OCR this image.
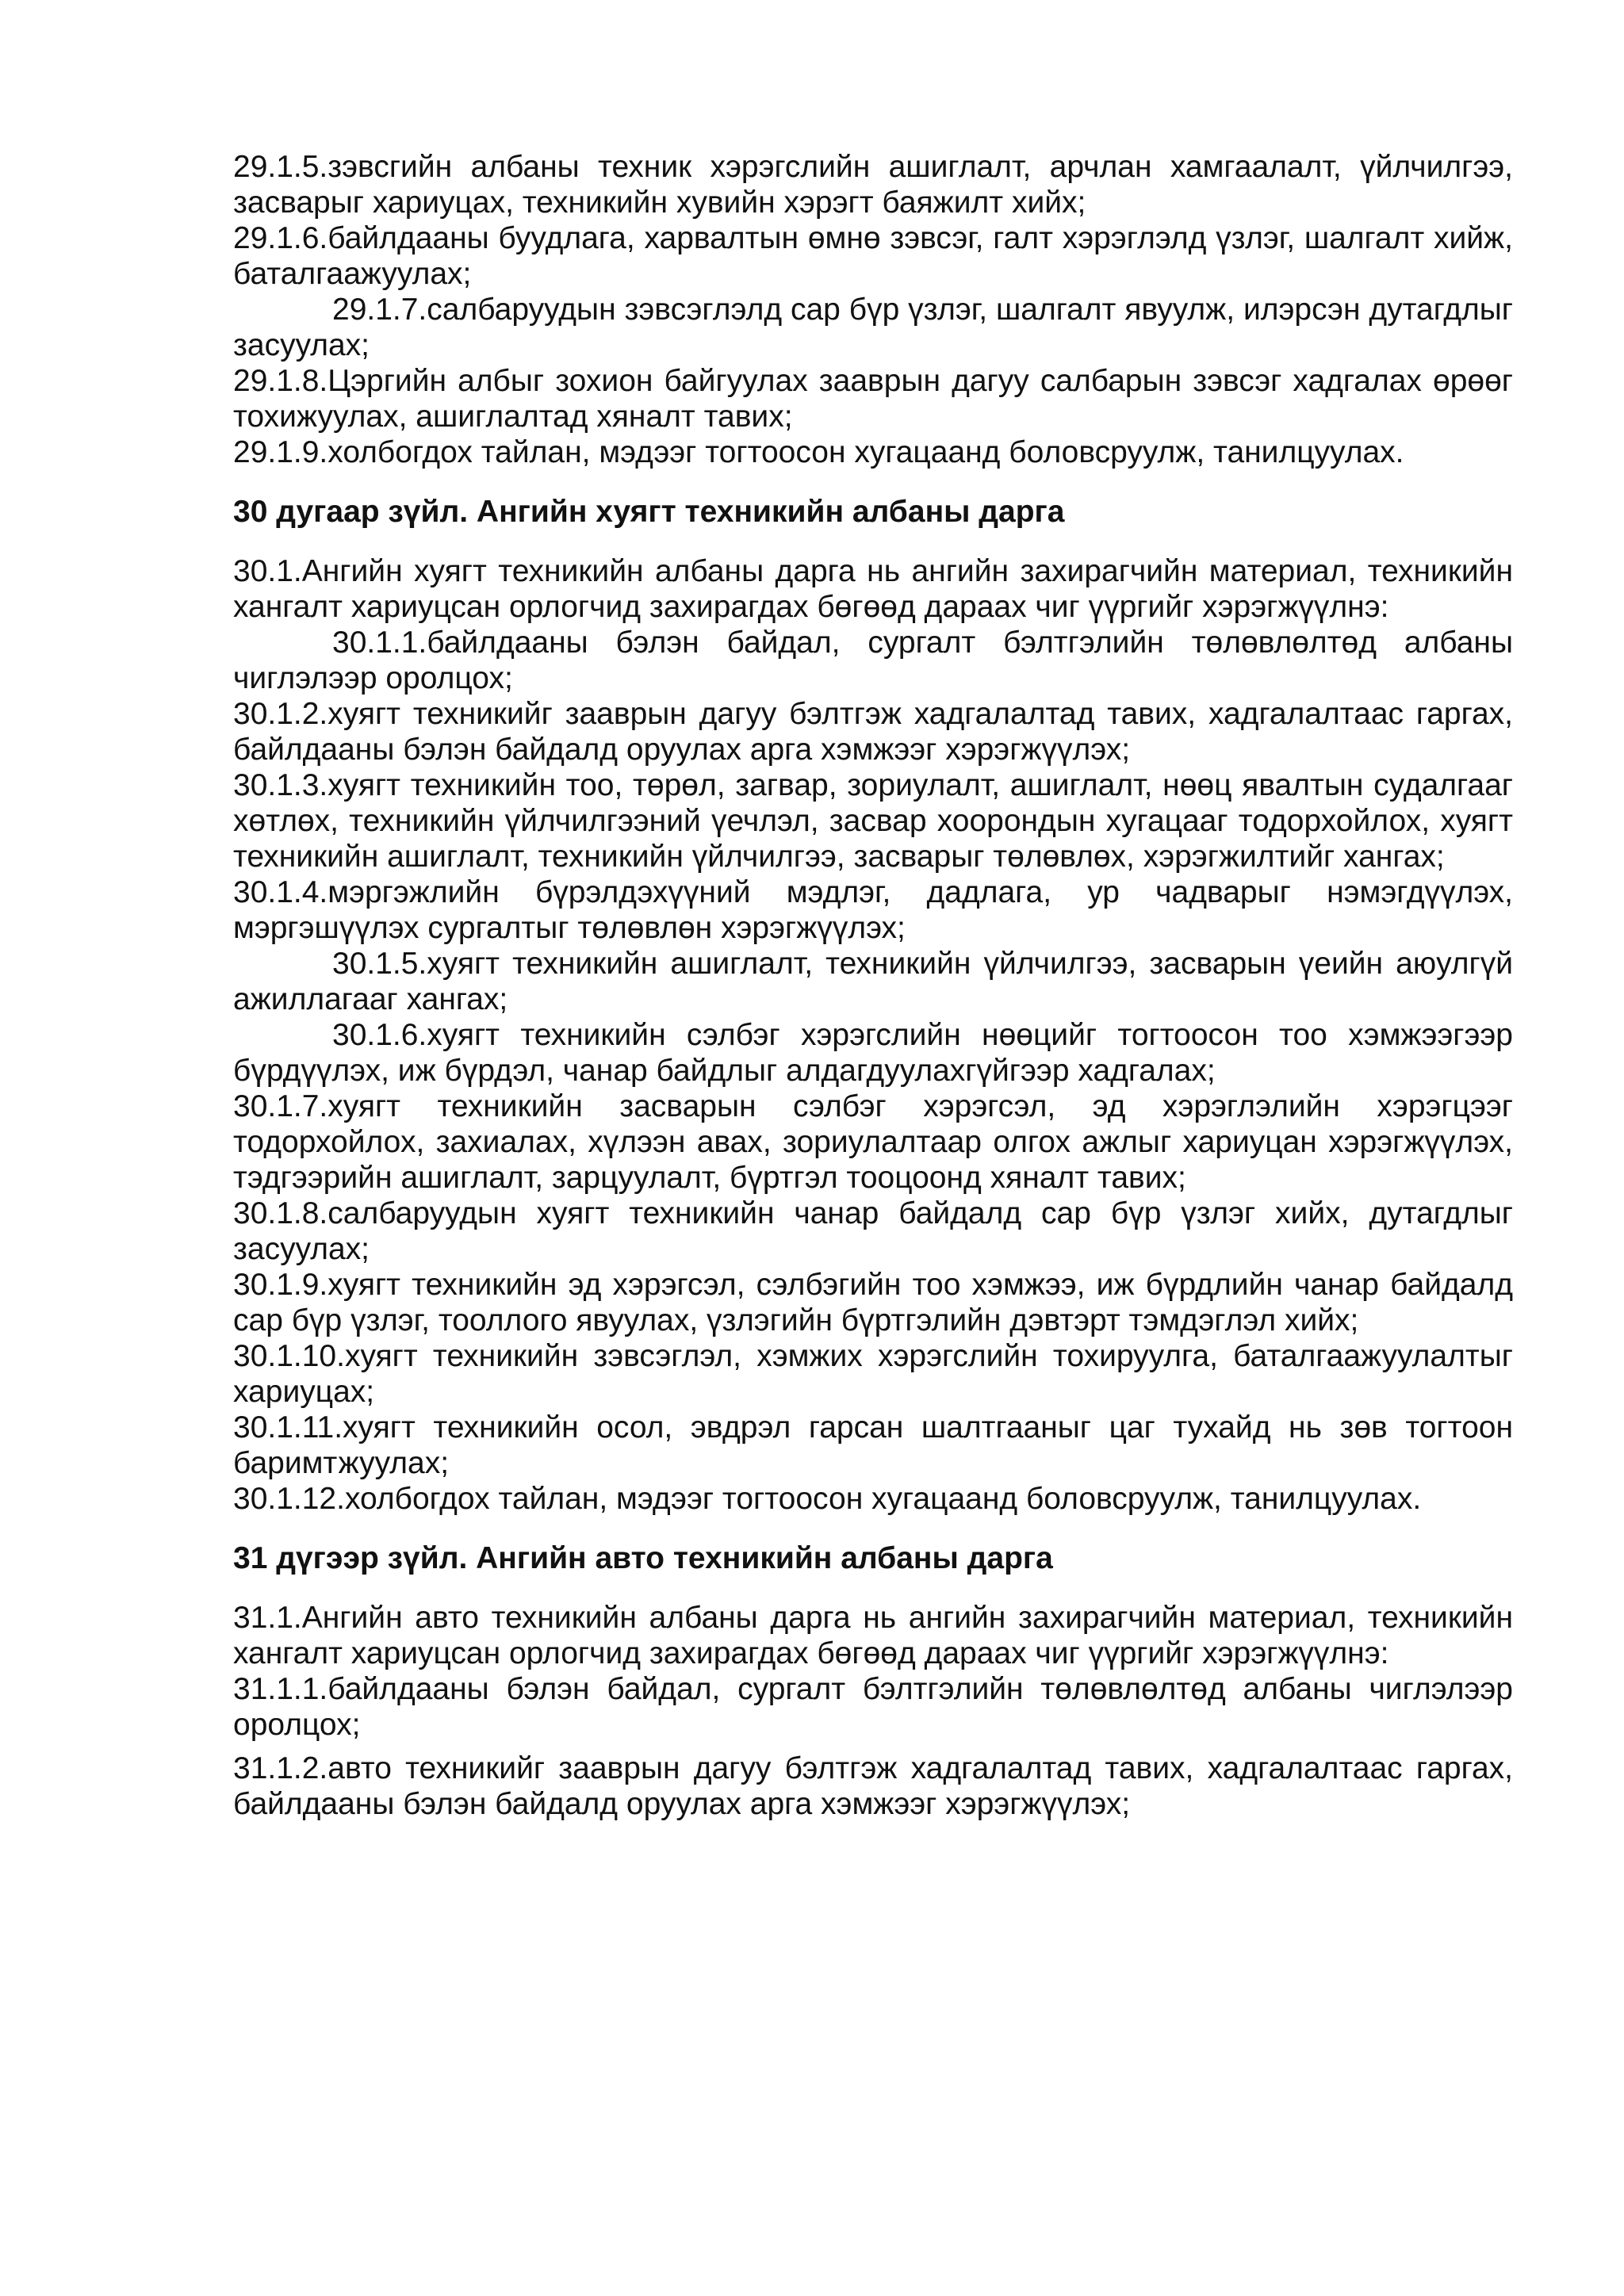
29.1.5.зэвсгийн албаны техник хэрэгслийн ашиглалт, арчлан хамгаалалт, үйлчилгээ, засварыг хариуцах, техникийн хувийн хэрэгт баяжилт хийх;

29.1.6.байлдааны буудлага, харвалтын өмнө зэвсэг, галт хэрэглэлд үзлэг, шалгалт хийж, баталгаажуулах;

29.1.7.салбаруудын зэвсэглэлд сар бүр үзлэг, шалгалт явуулж, илэрсэн дутагдлыг засуулах;

29.1.8.Цэргийн албыг зохион байгуулах зааврын дагуу салбарын зэвсэг хадгалах өрөөг тохижуулах, ашиглалтад хяналт тавих;

29.1.9.холбогдох тайлан, мэдээг тогтоосон хугацаанд боловсруулж, танилцуулах.

30 дугаар зүйл. Ангийн хуягт техникийн албаны дарга

30.1.Ангийн хуягт техникийн албаны дарга нь ангийн захирагчийн материал, техникийн хангалт хариуцсан орлогчид захирагдах бөгөөд дараах чиг үүргийг хэрэгжүүлнэ:

30.1.1.байлдааны бэлэн байдал, сургалт бэлтгэлийн төлөвлөлтөд албаны чиглэлээр оролцох;

30.1.2.хуягт техникийг зааврын дагуу бэлтгэж хадгалалтад тавих, хадгалалтаас гаргах, байлдааны бэлэн байдалд оруулах арга хэмжээг хэрэгжүүлэх;

30.1.3.хуягт техникийн тоо, төрөл, загвар, зориулалт, ашиглалт, нөөц явалтын судалгааг хөтлөх, техникийн үйлчилгээний үечлэл, засвар хоорондын хугацааг тодорхойлох, хуягт техникийн ашиглалт, техникийн үйлчилгээ, засварыг төлөвлөх, хэрэгжилтийг хангах;

30.1.4.мэргэжлийн бүрэлдэхүүний мэдлэг, дадлага, ур чадварыг нэмэгдүүлэх, мэргэшүүлэх сургалтыг төлөвлөн хэрэгжүүлэх;

30.1.5.хуягт техникийн ашиглалт, техникийн үйлчилгээ, засварын үеийн аюулгүй ажиллагааг хангах;

30.1.6.хуягт техникийн сэлбэг хэрэгслийн нөөцийг тогтоосон тоо хэмжээгээр бүрдүүлэх, иж бүрдэл, чанар байдлыг алдагдуулахгүйгээр хадгалах;

30.1.7.хуягт техникийн засварын сэлбэг хэрэгсэл, эд хэрэглэлийн хэрэгцээг тодорхойлох, захиалах, хүлээн авах, зориулалтаар олгох ажлыг хариуцан хэрэгжүүлэх, тэдгээрийн ашиглалт, зарцуулалт, бүртгэл тооцоонд хяналт тавих;

30.1.8.салбаруудын хуягт техникийн чанар байдалд сар бүр үзлэг хийх, дутагдлыг засуулах;

30.1.9.хуягт техникийн эд хэрэгсэл, сэлбэгийн тоо хэмжээ, иж бүрдлийн чанар байдалд сар бүр үзлэг, тооллого явуулах, үзлэгийн бүртгэлийн дэвтэрт тэмдэглэл хийх;

30.1.10.хуягт техникийн зэвсэглэл, хэмжих хэрэгслийн тохируулга, баталгаажуулалтыг хариуцах;

30.1.11.хуягт техникийн осол, эвдрэл гарсан шалтгааныг цаг тухайд нь зөв тогтоон баримтжуулах;

30.1.12.холбогдох тайлан, мэдээг тогтоосон хугацаанд боловсруулж, танилцуулах.

31 дүгээр зүйл. Ангийн авто техникийн албаны дарга

31.1.Ангийн авто техникийн албаны дарга нь ангийн захирагчийн материал, техникийн хангалт хариуцсан орлогчид захирагдах бөгөөд дараах чиг үүргийг хэрэгжүүлнэ:

31.1.1.байлдааны бэлэн байдал, сургалт бэлтгэлийн төлөвлөлтөд албаны чиглэлээр оролцох;

31.1.2.авто техникийг зааврын дагуу бэлтгэж хадгалалтад тавих, хадгалалтаас гаргах, байлдааны бэлэн байдалд оруулах арга хэмжээг хэрэгжүүлэх;
